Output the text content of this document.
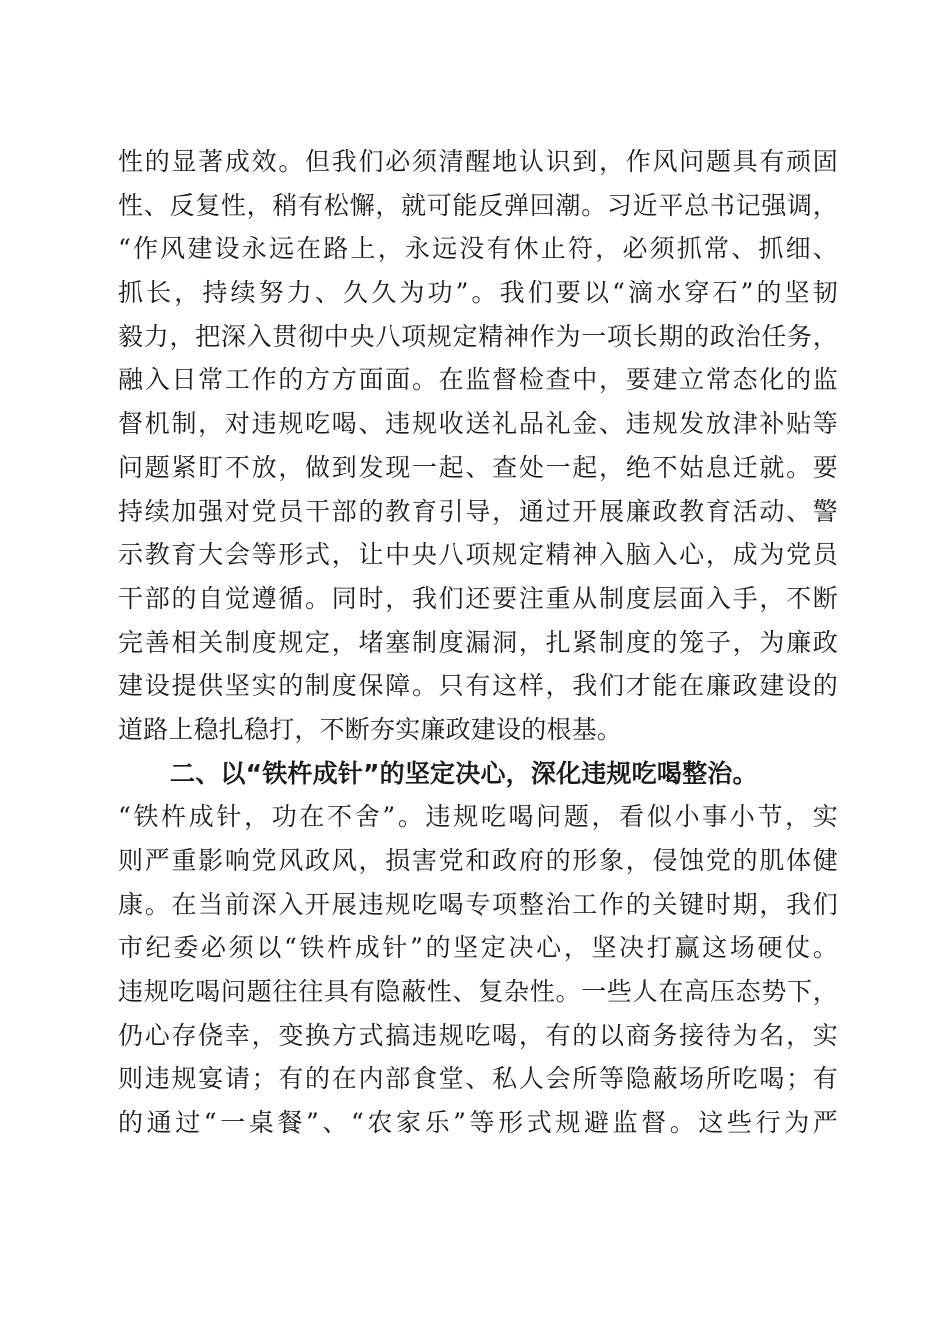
性的显著成效。但我们必须清醒地认识到，作风问题具有顽固
性、反复性，稍有松懈，就可能反弹回潮。习近平总书记强调，
“作风建设永远在路上，永远没有休止符，必须抓常、抓细、
抓长，持续努力、久久为功”。我们要以“滴水穿石”的坚韧
毅力，把深入贯彻中央八项规定精神作为一项长期的政治任务，
融入日常工作的方方面面。在监督检查中，要建立常态化的监
督机制，对违规吃喝、违规收送礼品礼金、违规发放津补贴等
问题紧盯不放，做到发现一起、查处一起，绝不姑息迁就。要
持续加强对党员干部的教育引导，通过开展廉政教育活动、警
示教育大会等形式，让中央八项规定精神入脑入心，成为党员
干部的自觉遵循。同时，我们还要注重从制度层面入手，不断
完善相关制度规定，堵塞制度漏洞，扎紧制度的笼子，为廉政
建设提供坚实的制度保障。只有这样，我们才能在廉政建设的
道路上稳扎稳打，不断夯实廉政建设的根基。
二、以“铁杵成针”的坚定决心，深化违规吃喝整治。
“铁杵成针，功在不舍”。违规吃喝问题，看似小事小节，实
则严重影响党风政风，损害党和政府的形象，侵蚀党的肌体健
康。在当前深入开展违规吃喝专项整治工作的关键时期，我们
市纪委必须以“铁杵成针”的坚定决心，坚决打赢这场硬仗。
违规吃喝问题往往具有隐蔽性、复杂性。一些人在高压态势下，
仍心存侥幸，变换方式搞违规吃喝，有的以商务接待为名，实
则违规宴请；有的在内部食堂、私人会所等隐蔽场所吃喝；有
的通过“一桌餐”、“农家乐”等形式规避监督。这些行为严
